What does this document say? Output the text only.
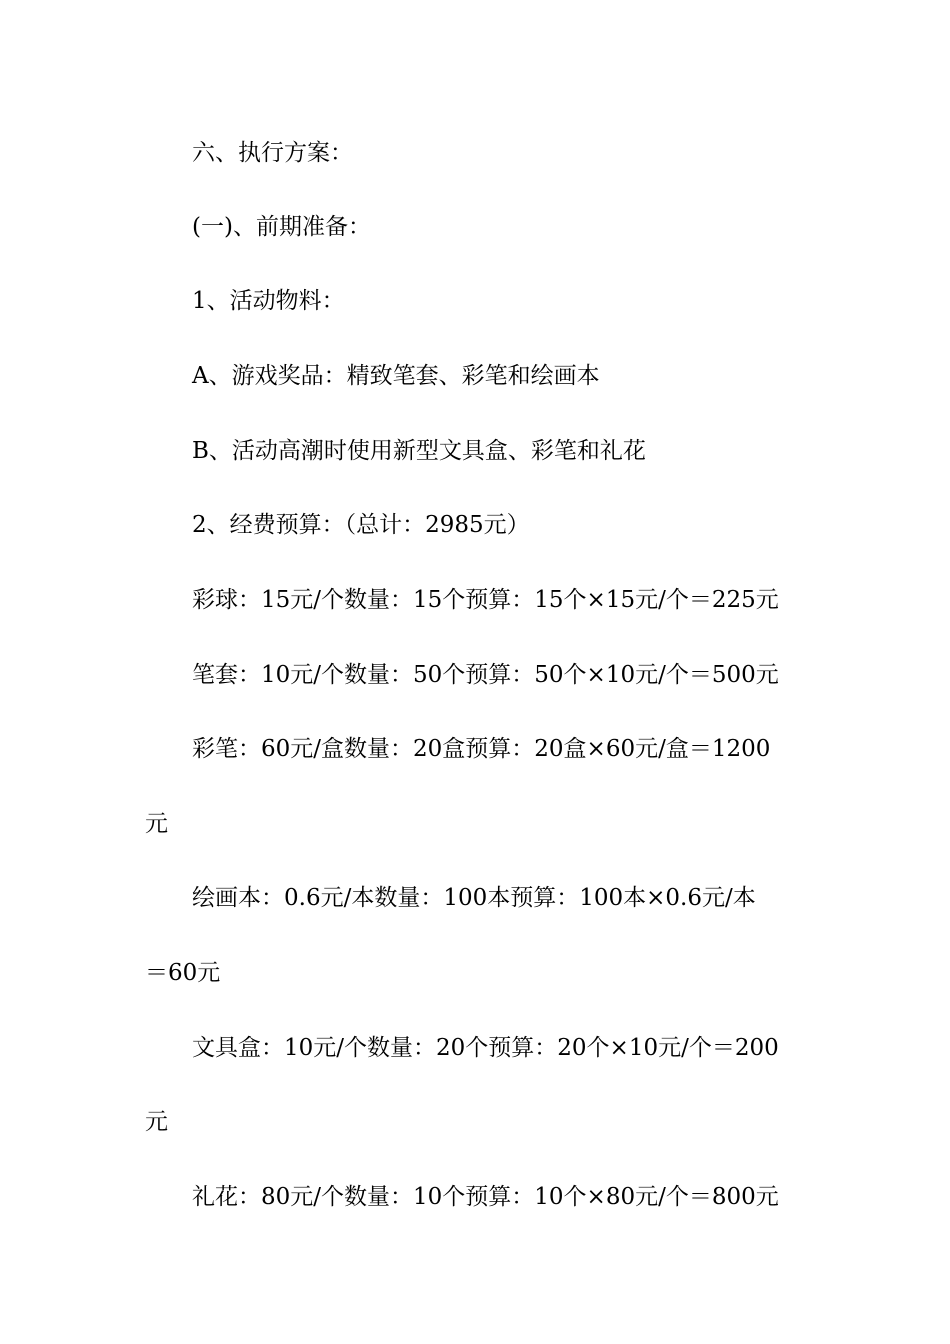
六、执行方案：
(一)、前期准备：
1、活动物料：
A、游戏奖品：精致笔套、彩笔和绘画本
B、活动高潮时使用新型文具盒、彩笔和礼花
2、经费预算：（总计：2985元）
彩球：15元/个数量：15个预算：15个×15元/个＝225元
笔套：10元/个数量：50个预算：50个×10元/个＝500元
彩笔：60元/盒数量：20盒预算：20盒×60元/盒＝1200
元
绘画本：0.6元/本数量：100本预算：100本×0.6元/本
＝60元
文具盒：10元/个数量：20个预算：20个×10元/个＝200
元
礼花：80元/个数量：10个预算：10个×80元/个＝800元
